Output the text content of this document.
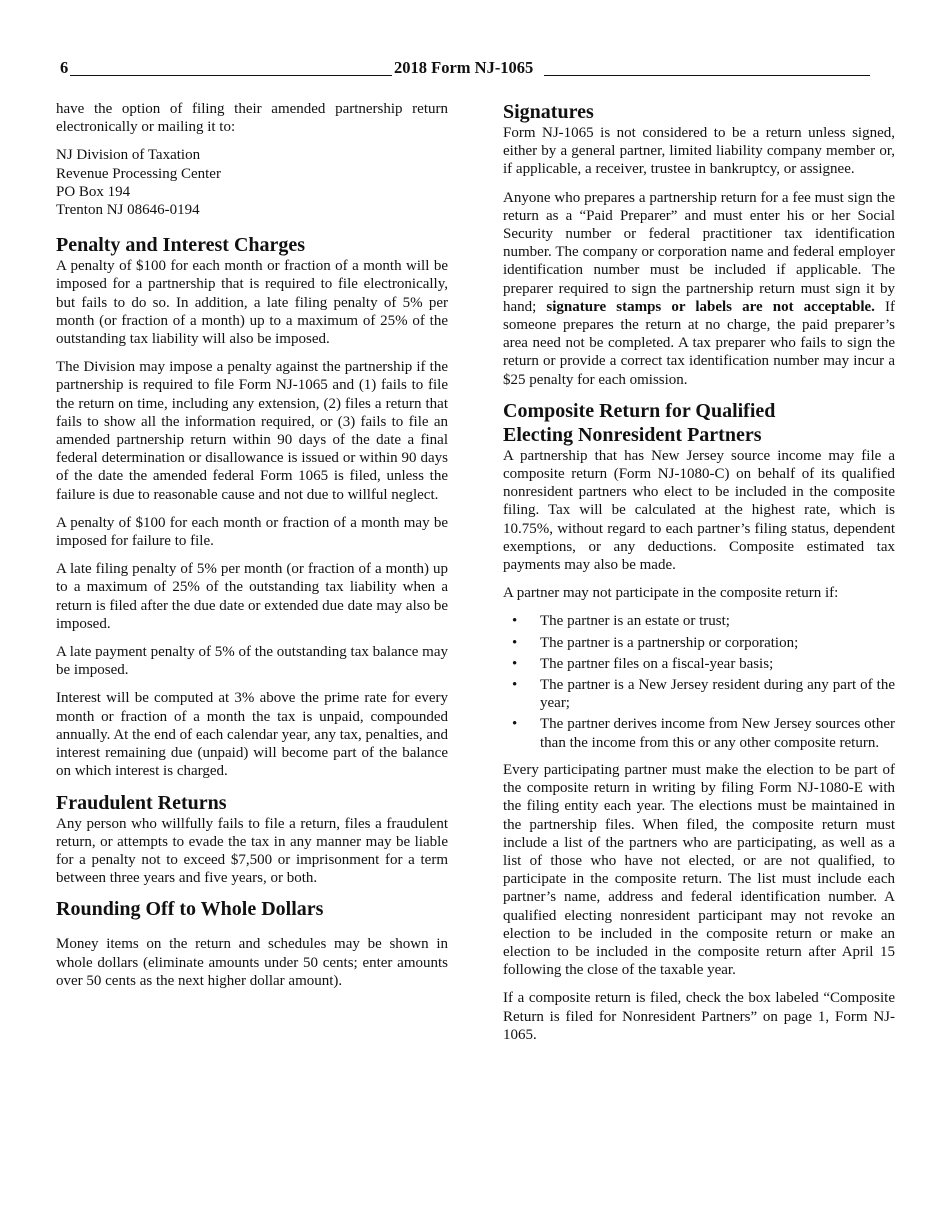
6	2018 Form NJ-1065

have the option of filing their amended partnership return electronically or mailing it to:

NJ Division of Taxation
Revenue Processing Center
PO Box 194
Trenton NJ 08646-0194
Penalty and Interest Charges

A penalty of $100 for each month or fraction of a month will be imposed for a partnership that is required to file electronically, but fails to do so. In addition, a late filing penalty of 5% per month (or fraction of a month) up to a maximum of 25% of the outstanding tax liability will also be imposed.

The Division may impose a penalty against the partnership if the partnership is required to file Form NJ-1065 and (1) fails to file the return on time, including any extension, (2) files a return that fails to show all the information required, or (3) fails to file an amended partnership return within 90 days of the date a final federal determination or disallowance is issued or within 90 days of the date the amended federal Form 1065 is filed, unless the failure is due to reasonable cause and not due to willful neglect.

A penalty of $100 for each month or fraction of a month may be imposed for failure to file.

A late filing penalty of 5% per month (or fraction of a month) up to a maximum of 25% of the outstanding tax liability when a return is filed after the due date or extended due date may also be imposed.

A late payment penalty of 5% of the outstanding tax balance may be imposed.

Interest will be computed at 3% above the prime rate for every month or fraction of a month the tax is unpaid, compounded annually. At the end of each calendar year, any tax, penalties, and interest remaining due (unpaid) will become part of the balance on which interest is charged.

Fraudulent Returns

Any person who willfully fails to file a return, files a fraudulent return, or attempts to evade the tax in any manner may be liable for a penalty not to exceed $7,500 or imprisonment for a term between three years and five years, or both.

Rounding Off to Whole Dollars

Money items on the return and schedules may be shown in whole dollars (eliminate amounts under 50 cents; enter amounts over 50 cents as the next higher dollar amount).

Signatures

Form NJ-1065 is not considered to be a return unless signed, either by a general partner, limited liability company member or, if applicable, a receiver, trustee in bankruptcy, or assignee.

Anyone who prepares a partnership return for a fee must sign the return as a “Paid Preparer” and must enter his or her Social Security number or federal practitioner tax identification number. The company or corporation name and federal employer identification number must be included if applicable. The preparer required to sign the partnership return must sign it by hand; signature stamps or labels are not acceptable. If someone prepares the return at no charge, the paid preparer’s area need not be completed. A tax preparer who fails to sign the return or provide a correct tax identification number may incur a $25 penalty for each omission.

Composite Return for Qualified
Electing Nonresident Partners

A partnership that has New Jersey source income may file a composite return (Form NJ-1080-C) on behalf of its qualified nonresident partners who elect to be included in the composite filing. Tax will be calculated at the highest rate, which is 10.75%, without regard to each partner’s filing status, dependent exemptions, or any deductions. Composite estimated tax payments may also be made.

A partner may not participate in the composite return if:

• The partner is an estate or trust;
• The partner is a partnership or corporation;
• The partner files on a fiscal-year basis;
• The partner is a New Jersey resident during any part of the year;
• The partner derives income from New Jersey sources other than the income from this or any other composite return.

Every participating partner must make the election to be part of the composite return in writing by filing Form NJ-1080-E with the filing entity each year. The elections must be maintained in the partnership files. When filed, the composite return must include a list of the partners who are participating, as well as a list of those who have not elected, or are not qualified, to participate in the composite return. The list must include each partner’s name, address and federal identification number. A qualified electing nonresident participant may not revoke an election to be included in the composite return or make an election to be included in the composite return after April 15 following the close of the taxable year.

If a composite return is filed, check the box labeled “Composite Return is filed for Nonresident Partners” on page 1, Form NJ-1065.
